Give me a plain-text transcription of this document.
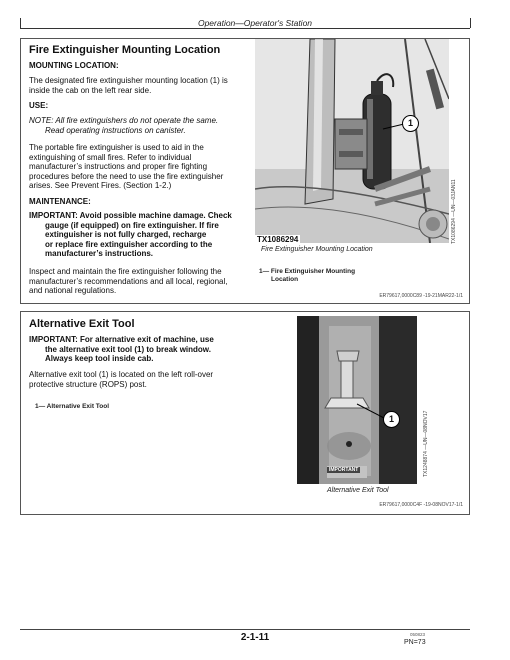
Operation—Operator's Station
Fire Extinguisher Mounting Location
MOUNTING LOCATION:
The designated fire extinguisher mounting location (1) is
inside the cab on the left rear side.
USE:
NOTE: All fire extinguishers do not operate the same.
Read operating instructions on canister.
The portable fire extinguisher is used to aid in the
extinguishing of small fires. Refer to individual
manufacturer’s instructions and proper fire fighting
procedures before the need to use the fire extinguisher
arises. See Prevent Fires. (Section 1-2.)
MAINTENANCE:
IMPORTANT: Avoid possible machine damage. Check
gauge (if equipped) on fire extinguisher. If fire
extinguisher is not fully charged, recharge
or replace fire extinguisher according to the
manufacturer’s instructions.
Inspect and maintain the fire extinguisher following the
manufacturer’s recommendations and all local, regional,
and national regulations.
1
TX1086294	TX1086294 —UN—03JAN11
Fire Extinguisher Mounting Location
1— Fire Extinguisher Mounting
Location
ER79617,0000C89 -19-21MAR22-1/1
Alternative Exit Tool
IMPORTANT: For alternative exit of machine, use
the alternative exit tool (1) to break window.
Always keep tool inside cab.
Alternative exit tool (1) is located on the left roll-over
protective structure (ROPS) post.
1— Alternative Exit Tool
1
IMPORTANT	TX1248874 —UN—08NOV17
Alternative Exit Tool
ER79617,0000C4F -19-08NOV17-1/1
2-1-11	050823
PN=73
